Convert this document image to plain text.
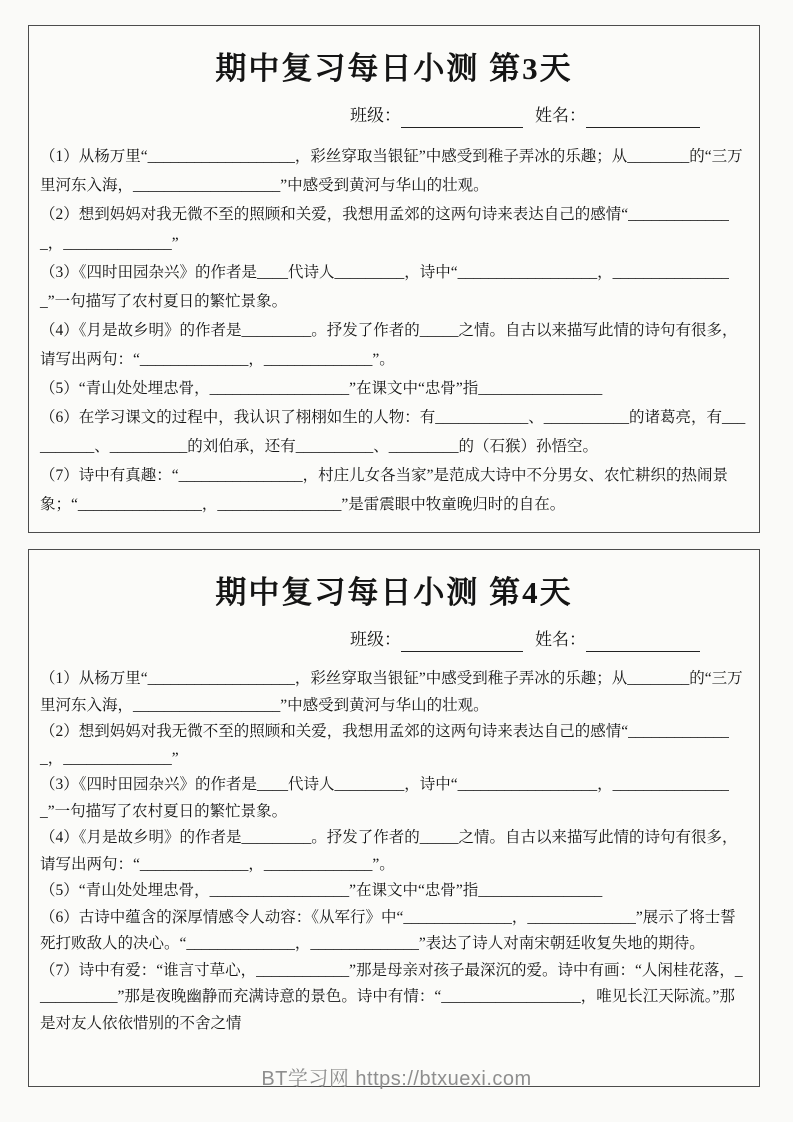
期中复习每日小测 第3天
班级：	姓名：

（1）从杨万里“___________________，彩丝穿取当银钲”中感受到稚子弄冰的乐趣；从________的“三万里河东入海，___________________”中感受到黄河与华山的壮观。

（2）想到妈妈对我无微不至的照顾和关爱，我想用孟郊的这两句诗来表达自己的感情“______________，______________”

（3）《四时田园杂兴》的作者是____代诗人_________，诗中“__________________，________________”一句描写了农村夏日的繁忙景象。

（4）《月是故乡明》的作者是_________。抒发了作者的_____之情。自古以来描写此情的诗句有很多，请写出两句：“______________，______________”。

（5）“青山处处埋忠骨，__________________”在课文中“忠骨”指________________

（6）在学习课文的过程中，我认识了栩栩如生的人物：有____________、___________的诸葛亮，有__________、__________的刘伯承，还有__________、_________的（石猴）孙悟空。

（7）诗中有真趣：“________________，村庄儿女各当家”是范成大诗中不分男女、农忙耕织的热闹景象；“________________，________________”是雷震眼中牧童晚归时的自在。

期中复习每日小测 第4天
班级：	姓名：

（1）从杨万里“___________________，彩丝穿取当银钲”中感受到稚子弄冰的乐趣；从________的“三万里河东入海，___________________”中感受到黄河与华山的壮观。

（2）想到妈妈对我无微不至的照顾和关爱，我想用孟郊的这两句诗来表达自己的感情“______________，______________”

（3）《四时田园杂兴》的作者是____代诗人_________，诗中“__________________，________________”一句描写了农村夏日的繁忙景象。

（4）《月是故乡明》的作者是_________。抒发了作者的_____之情。自古以来描写此情的诗句有很多，请写出两句：“______________，______________”。

（5）“青山处处埋忠骨，__________________”在课文中“忠骨”指________________

（6）古诗中蕴含的深厚情感令人动容：《从军行》中“______________，______________”展示了将士誓死打败敌人的决心。“______________，______________”表达了诗人对南宋朝廷收复失地的期待。

（7）诗中有爱：“谁言寸草心，____________”那是母亲对孩子最深沉的爱。诗中有画：“人闲桂花落，___________”那是夜晚幽静而充满诗意的景色。诗中有情：“__________________，唯见长江天际流。”那是对友人依依惜别的不舍之情

BT学习网 https://btxuexi.com
